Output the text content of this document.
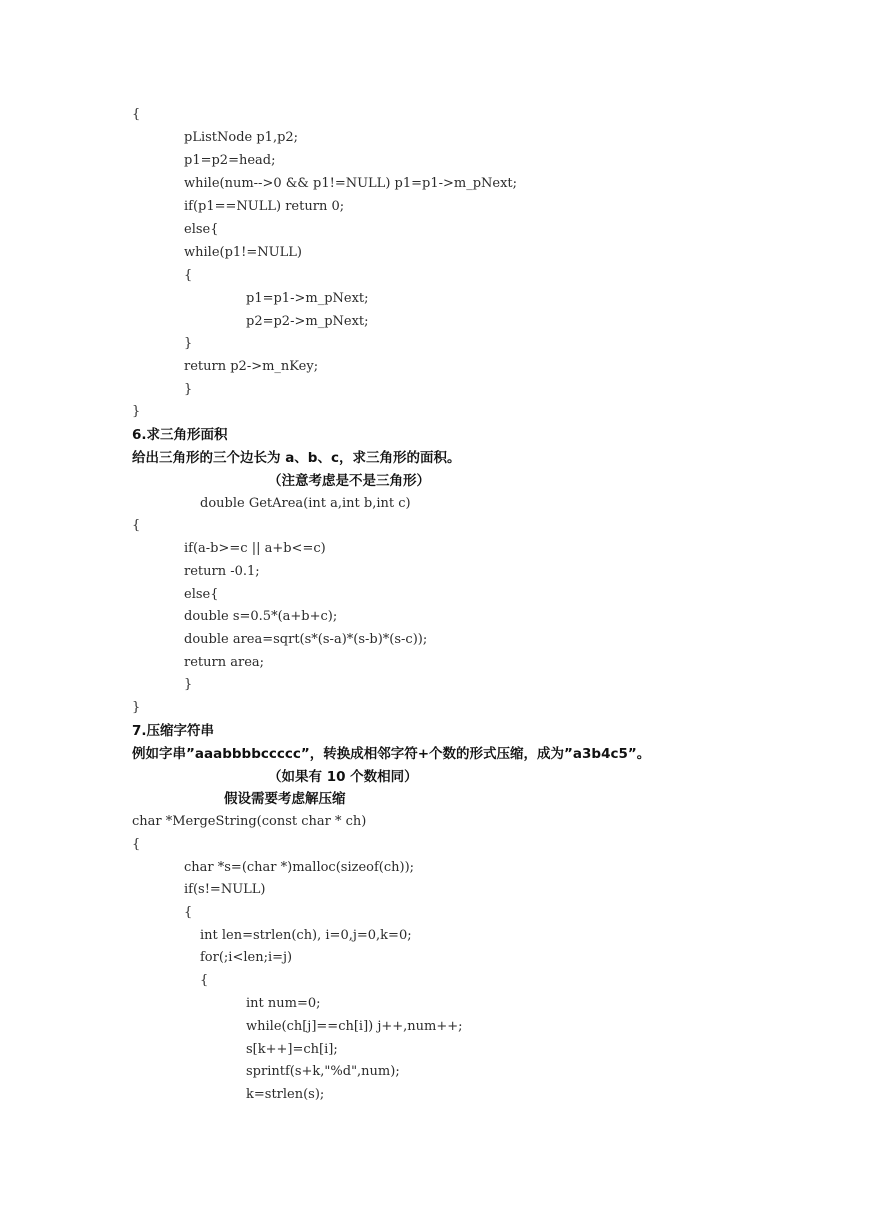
{
pListNode p1,p2;
p1=p2=head;
while(num-->0 && p1!=NULL) p1=p1->m_pNext;
if(p1==NULL) return 0;
else{
while(p1!=NULL)
{
p1=p1->m_pNext;
p2=p2->m_pNext;
}
return p2->m_nKey;
}
}
6.求三角形面积
给出三角形的三个边长为 a、b、c，求三角形的面积。
（注意考虑是不是三角形）
double GetArea(int a,int b,int c)
{
if(a-b>=c || a+b<=c)
return -0.1;
else{
double s=0.5*(a+b+c);
double area=sqrt(s*(s-a)*(s-b)*(s-c));
return area;
}
}
7.压缩字符串
例如字串”aaabbbbccccc”，转换成相邻字符+个数的形式压缩，成为”a3b4c5”。
（如果有 10 个数相同）
假设需要考虑解压缩
char *MergeString(const char * ch)
{
char *s=(char *)malloc(sizeof(ch));
if(s!=NULL)
{
int len=strlen(ch), i=0,j=0,k=0;
for(;i<len;i=j)
{
int num=0;
while(ch[j]==ch[i]) j++,num++;
s[k++]=ch[i];
sprintf(s+k,"%d",num);
k=strlen(s);
